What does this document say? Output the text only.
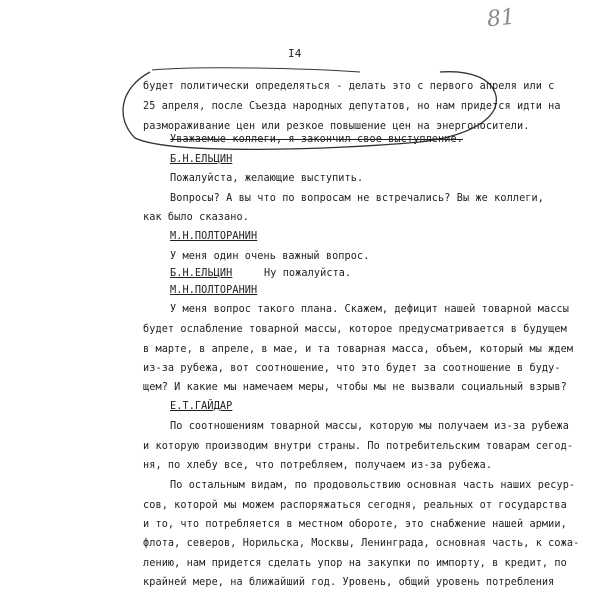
81
I4
будет политически определяться - делать это с первого апреля или с
25 апреля, после Съезда народных депутатов, но нам придется идти на
размораживание цен или резкое повышение цен на энергоносители.
Уважаемые коллеги, я закончил свое выступление.
Б.Н.ЕЛЬЦИН
Пожалуйста, желающие выступить.
Вопросы? А вы что по вопросам не встречались? Вы же коллеги,
как было сказано.
М.Н.ПОЛТОРАНИН
У меня один очень важный вопрос.
Б.Н.ЕЛЬЦИН	Ну пожалуйста.
М.Н.ПОЛТОРАНИН
У меня вопрос такого плана. Скажем, дефицит нашей товарной массы
будет ослабление товарной массы, которое предусматривается в будущем
в марте, в апреле, в мае, и та товарная масса, объем, который мы ждем
из-за рубежа, вот соотношение, что это будет за соотношение в буду-
щем? И какие мы намечаем меры, чтобы мы не вызвали социальный взрыв?
Е.Т.ГАЙДАР
По соотношениям товарной массы, которую мы получаем из-за рубежа
и которую производим внутри страны. По потребительским товарам сегод-
ня, по хлебу все, что потребляем, получаем из-за рубежа.
По остальным видам, по продовольствию основная часть наших ресур-
сов, которой мы можем распоряжаться сегодня, реальных от государства
и то, что потребляется в местном обороте, это снабжение нашей армии,
флота, северов, Норильска, Москвы, Ленинграда, основная часть, к сожа-
лению, нам придется сделать упор на закупки по импорту, в кредит, по
крайней мере, на ближайший год. Уровень, общий уровень потребления
